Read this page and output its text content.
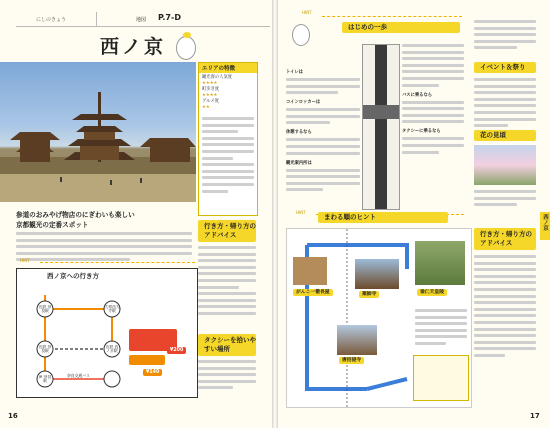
にしのきょう	地図 P.7-D
西ノ京
エリアの特徴
観光客の人気度
★★★★
町歩き度
★★★★
グルメ度
★★
参道のおみやげ物店のにぎわいも楽しい
京都観光の定番スポット
西ノ京への行き方
近鉄 奈良駅
大和西大寺駅
近鉄 西ノ京駅
JR 奈良駅
奈良交通バス
近鉄 奈良駅	¥200
¥140
HINT
行き方・帰り方のアドバイス
タクシーを拾いやすい場所
16
HINT
はじめの一歩
トイレは
コインロッカーは
休憩するなら
観光案内所は
バスに乗るなら
タクシーに乗るなら
イベント＆祭り
花の見頃
HINT
まわる順のヒント
がんこ一徹長屋	薬師寺
唐招提寺
垂仁天皇陵
行き方・帰り方のアドバイス
西ノ京
17
